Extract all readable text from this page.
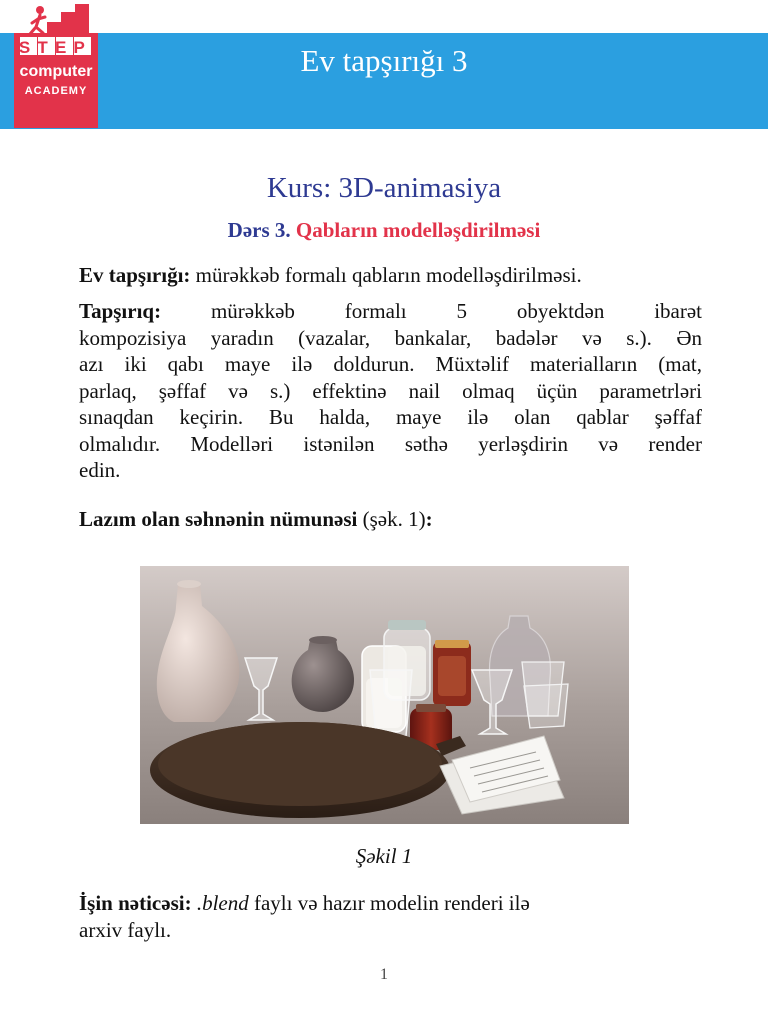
STEP
computer
ACADEMY
Ev tapşırığı 3
Kurs: 3D-animasiya
Dərs 3. Qabların modelləşdirilməsi
Ev tapşırığı: mürəkkəb formalı qabların modelləşdirilməsi.
Tapşırıq: mürəkkəb formalı 5 obyektdən ibarət
kompozisiya yaradın (vazalar, bankalar, badələr və s.). Ən
azı iki qabı maye ilə doldurun. Müxtəlif materialların (mat,
parlaq, şəffaf və s.) effektinə nail olmaq üçün parametrləri
sınaqdan keçirin. Bu halda, maye ilə olan qablar şəffaf
olmalıdır. Modelləri istənilən səthə yerləşdirin və render
edin.
Lazım olan səhnənin nümunəsi (şək. 1):
Şəkil 1
İşin nəticəsi: .blend faylı və hazır modelin renderi ilə
arxiv faylı.
1
